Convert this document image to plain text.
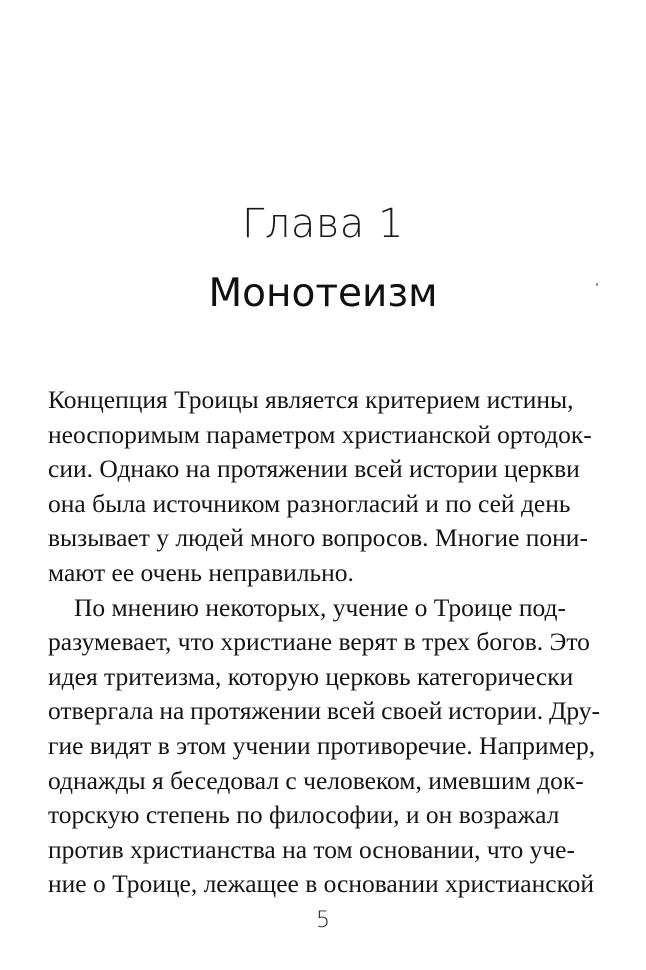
Глава 1
Монотеизм
Концепция Троицы является критерием истины,
неоспоримым параметром христианской ортодок-
сии. Однако на протяжении всей истории церкви
она была источником разногласий и по сей день
вызывает у людей много вопросов. Многие пони-
мают ее очень неправильно.
По мнению некоторых, учение о Троице под-
разумевает, что христиане верят в трех богов. Это
идея тритеизма, которую церковь категорически
отвергала на протяжении всей своей истории. Дру-
гие видят в этом учении противоречие. Например,
однажды я беседовал с человеком, имевшим док-
торскую степень по философии, и он возражал
против христианства на том основании, что уче-
ние о Троице, лежащее в основании христианской
5
